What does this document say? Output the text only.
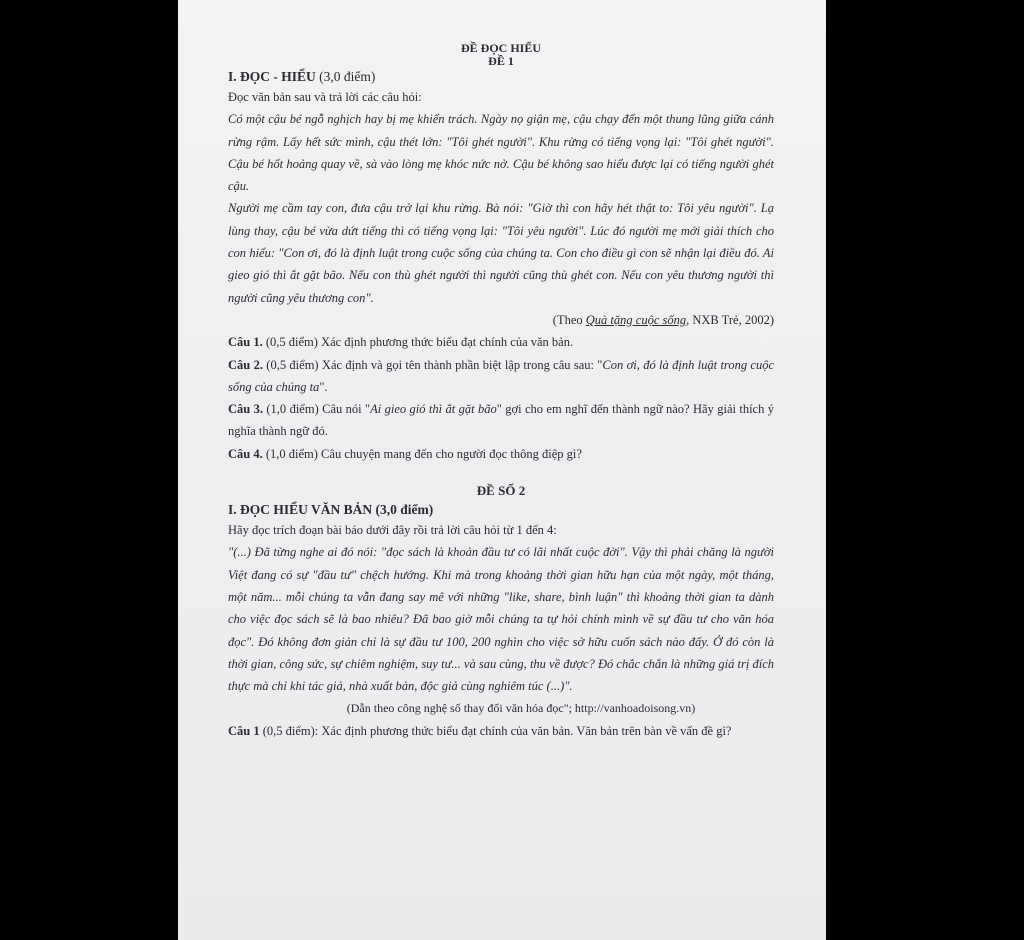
ĐỀ ĐỌC HIỂU
ĐỀ 1
I. ĐỌC - HIỂU (3,0 điểm)

Đọc văn bản sau và trả lời các câu hỏi:

Có một cậu bé ngỗ nghịch hay bị mẹ khiển trách. Ngày nọ giận mẹ, cậu chạy đến một thung lũng giữa cánh rừng rậm. Lấy hết sức mình, cậu thét lớn: "Tôi ghét người". Khu rừng có tiếng vọng lại: "Tôi ghét người". Cậu bé hốt hoảng quay về, sà vào lòng mẹ khóc nức nở. Cậu bé không sao hiểu được lại có tiếng người ghét cậu.

Người mẹ cầm tay con, đưa cậu trở lại khu rừng. Bà nói: "Giờ thì con hãy hét thật to: Tôi yêu người". Lạ lùng thay, cậu bé vừa dứt tiếng thì có tiếng vọng lại: "Tôi yêu người". Lúc đó người mẹ mới giải thích cho con hiểu: "Con ơi, đó là định luật trong cuộc sống của chúng ta. Con cho điều gì con sẽ nhận lại điều đó. Ai gieo gió thì ắt gặt bão. Nếu con thù ghét người thì người cũng thù ghét con. Nếu con yêu thương người thì người cũng yêu thương con".

(Theo Quà tặng cuộc sống, NXB Trẻ, 2002)

Câu 1. (0,5 điểm) Xác định phương thức biểu đạt chính của văn bản.

Câu 2. (0,5 điểm) Xác định và gọi tên thành phần biệt lập trong câu sau: "Con ơi, đó là định luật trong cuộc sống của chúng ta".

Câu 3. (1,0 điểm) Câu nói "Ai gieo gió thì ắt gặt bão" gợi cho em nghĩ đến thành ngữ nào? Hãy giải thích ý nghĩa thành ngữ đó.

Câu 4. (1,0 điểm) Câu chuyện mang đến cho người đọc thông điệp gì?

ĐỀ SỐ 2
I. ĐỌC HIỂU VĂN BẢN (3,0 điểm)

Hãy đọc trích đoạn bài báo dưới đây rồi trả lời câu hỏi từ 1 đến 4:

"(...) Đã từng nghe ai đó nói: "đọc sách là khoản đầu tư có lãi nhất cuộc đời". Vậy thì phải chăng là người Việt đang có sự "đầu tư" chệch hướng. Khi mà trong khoảng thời gian hữu hạn của một ngày, một tháng, một năm... mỗi chúng ta vẫn đang say mê với những "like, share, bình luận" thì khoảng thời gian ta dành cho việc đọc sách sẽ là bao nhiêu? Đã bao giờ mỗi chúng ta tự hỏi chính mình về sự đầu tư cho văn hóa đọc". Đó không đơn giản chỉ là sự đầu tư 100, 200 nghìn cho việc sở hữu cuốn sách nào đấy. Ở đó còn là thời gian, công sức, sự chiêm nghiệm, suy tư... và sau cùng, thu về được? Đó chắc chắn là những giá trị đích thực mà chỉ khi tác giả, nhà xuất bản, độc giả cùng nghiêm túc (...)".

(Dẫn theo công nghệ số thay đổi văn hóa đọc"; http://vanhoadoisong.vn)

Câu 1 (0,5 điểm): Xác định phương thức biểu đạt chính của văn bản. Văn bản trên bàn về vấn đề gì?
